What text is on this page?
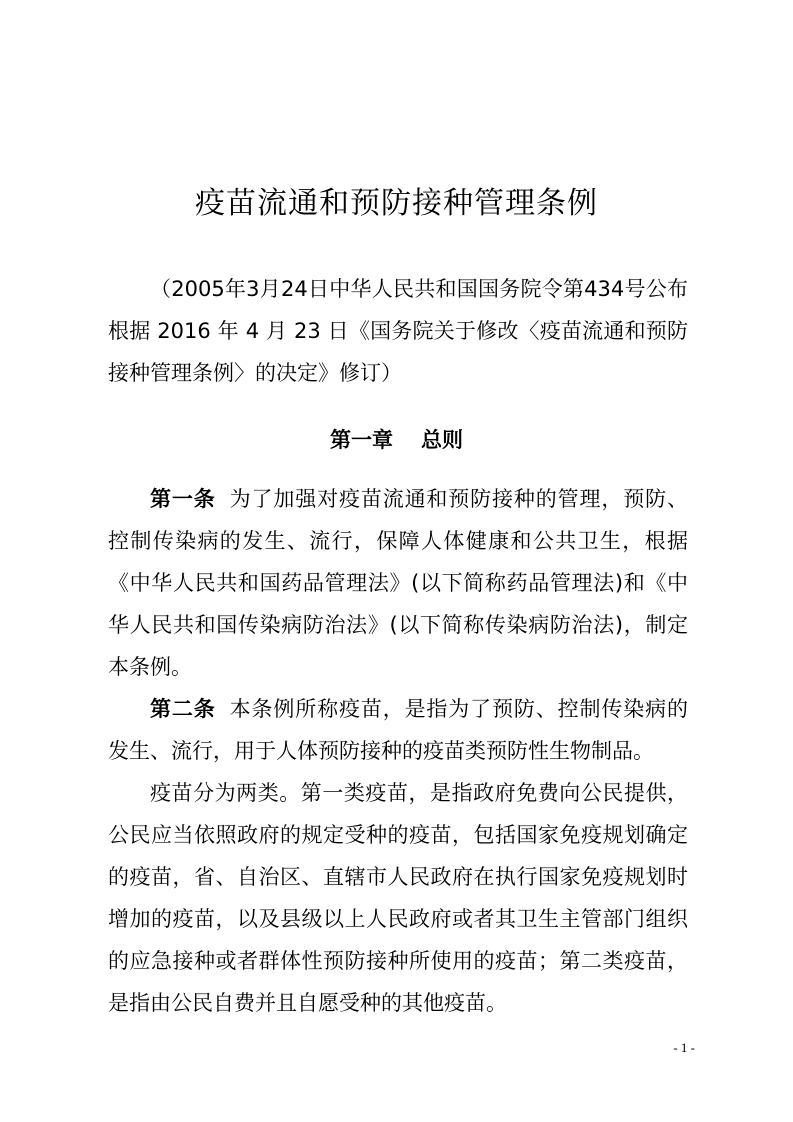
疫苗流通和预防接种管理条例

（2005年3月24日中华人民共和国国务院令第434号公布　根据 2016 年 4 月 23 日《国务院关于修改〈疫苗流通和预防接种管理条例〉的决定》修订）

第一章 总则

第一条 为了加强对疫苗流通和预防接种的管理，预防、控制传染病的发生、流行，保障人体健康和公共卫生，根据《中华人民共和国药品管理法》(以下简称药品管理法)和《中华人民共和国传染病防治法》(以下简称传染病防治法)，制定本条例。

第二条 本条例所称疫苗，是指为了预防、控制传染病的发生、流行，用于人体预防接种的疫苗类预防性生物制品。

疫苗分为两类。第一类疫苗，是指政府免费向公民提供，公民应当依照政府的规定受种的疫苗，包括国家免疫规划确定的疫苗，省、自治区、直辖市人民政府在执行国家免疫规划时增加的疫苗，以及县级以上人民政府或者其卫生主管部门组织的应急接种或者群体性预防接种所使用的疫苗；第二类疫苗，是指由公民自费并且自愿受种的其他疫苗。

- 1 -
